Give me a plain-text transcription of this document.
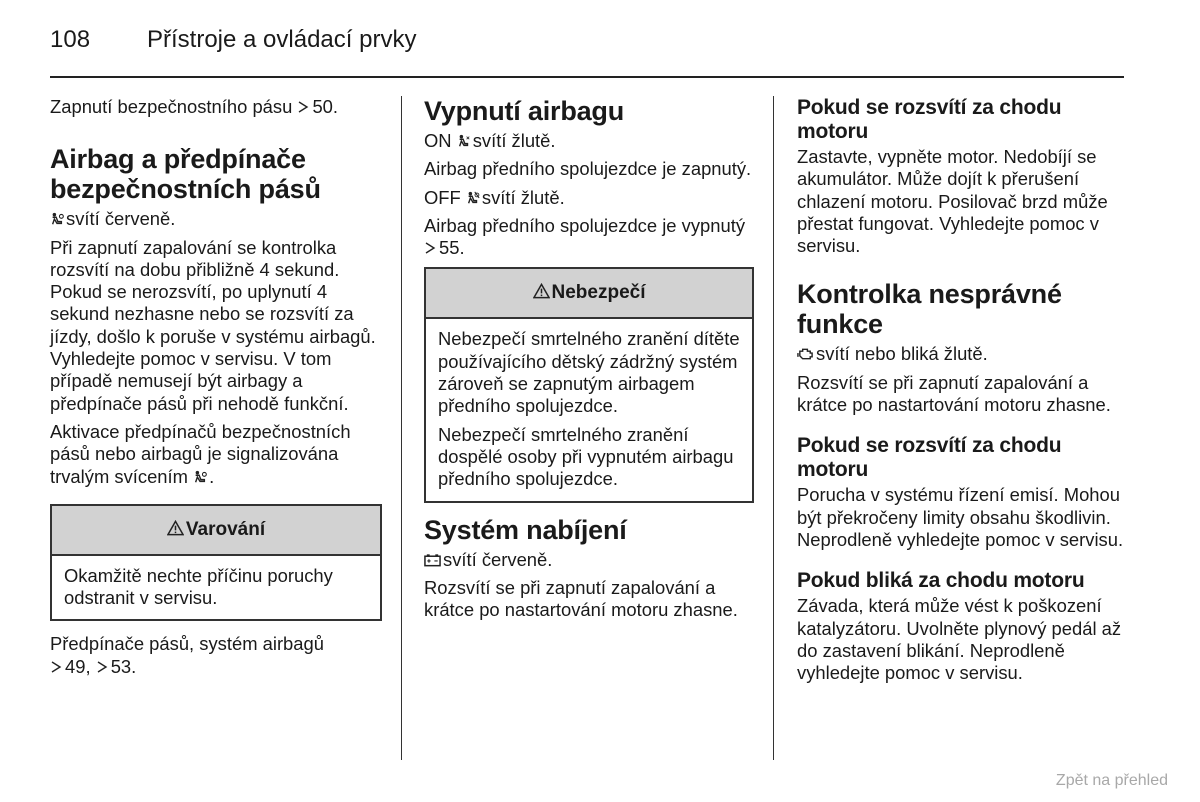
108 Přístroje a ovládací prvky

Zapnutí bezpečnostního pásu 50.

Airbag a předpínače bezpečnostních pásů

svítí červeně.

Při zapnutí zapalování se kontrolka rozsvítí na dobu přibližně 4 sekund. Pokud se nerozsvítí, po uplynutí 4 sekund nezhasne nebo se rozsvítí za jízdy, došlo k poruše v systému airbagů. Vyhledejte pomoc v servisu. V tom případě nemusejí být airbagy a předpínače pásů při nehodě funkční.

Aktivace předpínačů bezpečnostních pásů nebo airbagů je signalizována trvalým svícením .

Varování

Okamžitě nechte příčinu poruchy odstranit v servisu.

Předpínače pásů, systém airbagů

49, 53.

Vypnutí airbagu

ON svítí žlutě.

Airbag předního spolujezdce je zapnutý.

OFF svítí žlutě.

Airbag předního spolujezdce je vypnutý
55.

Nebezpečí

Nebezpečí smrtelného zranění dítěte používajícího dětský zádržný systém zároveň se zapnutým airbagem předního spolujezdce.

Nebezpečí smrtelného zranění dospělé osoby při vypnutém airbagu předního spolujezdce.

Systém nabíjení

svítí červeně.

Rozsvítí se při zapnutí zapalování a krátce po nastartování motoru zhasne.

Pokud se rozsvítí za chodu motoru

Zastavte, vypněte motor. Nedobíjí se akumulátor. Může dojít k přerušení chlazení motoru. Posilovač brzd může přestat fungovat. Vyhledejte pomoc v servisu.

Kontrolka nesprávné funkce

svítí nebo bliká žlutě.

Rozsvítí se při zapnutí zapalování a krátce po nastartování motoru zhasne.

Pokud se rozsvítí za chodu motoru

Porucha v systému řízení emisí. Mohou být překročeny limity obsahu škodlivin. Neprodleně vyhledejte pomoc v servisu.

Pokud bliká za chodu motoru

Závada, která může vést k poškození katalyzátoru. Uvolněte plynový pedál až do zastavení blikání. Neprodleně vyhledejte pomoc v servisu.

Zpět na přehled
